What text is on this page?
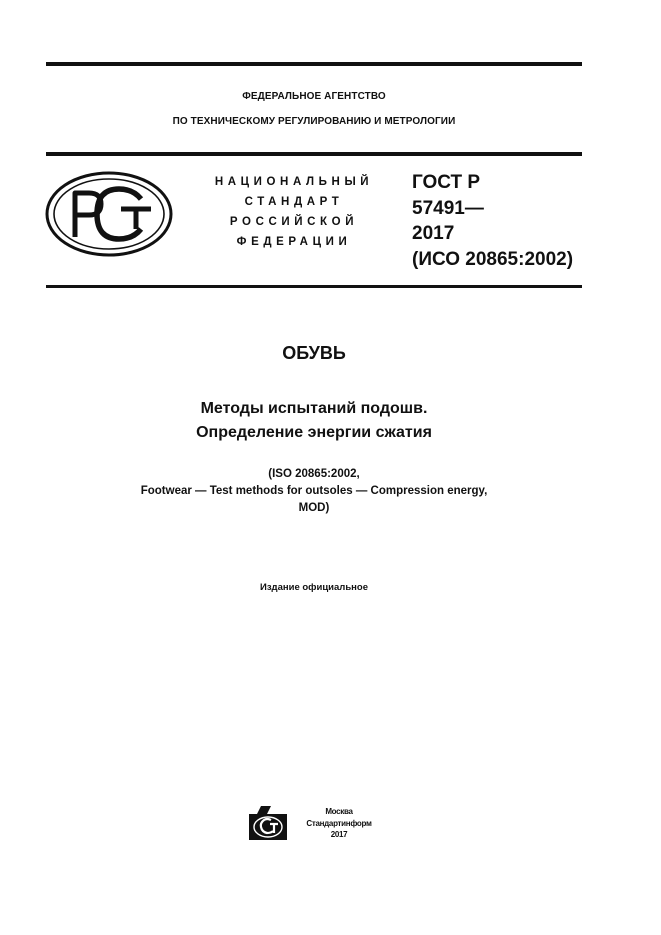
ФЕДЕРАЛЬНОЕ АГЕНТСТВО
ПО ТЕХНИЧЕСКОМУ РЕГУЛИРОВАНИЮ И МЕТРОЛОГИИ
НАЦИОНАЛЬНЫЙ
СТАНДАРТ
РОССИЙСКОЙ
ФЕДЕРАЦИИ
ГОСТ Р
57491—
2017
(ИСО 20865:2002)
ОБУВЬ
Методы испытаний подошв.
Определение энергии сжатия
(ISO 20865:2002,
Footwear — Test methods for outsoles — Compression energy,
MOD)
Издание официальное
Москва
Стандартинформ
2017
